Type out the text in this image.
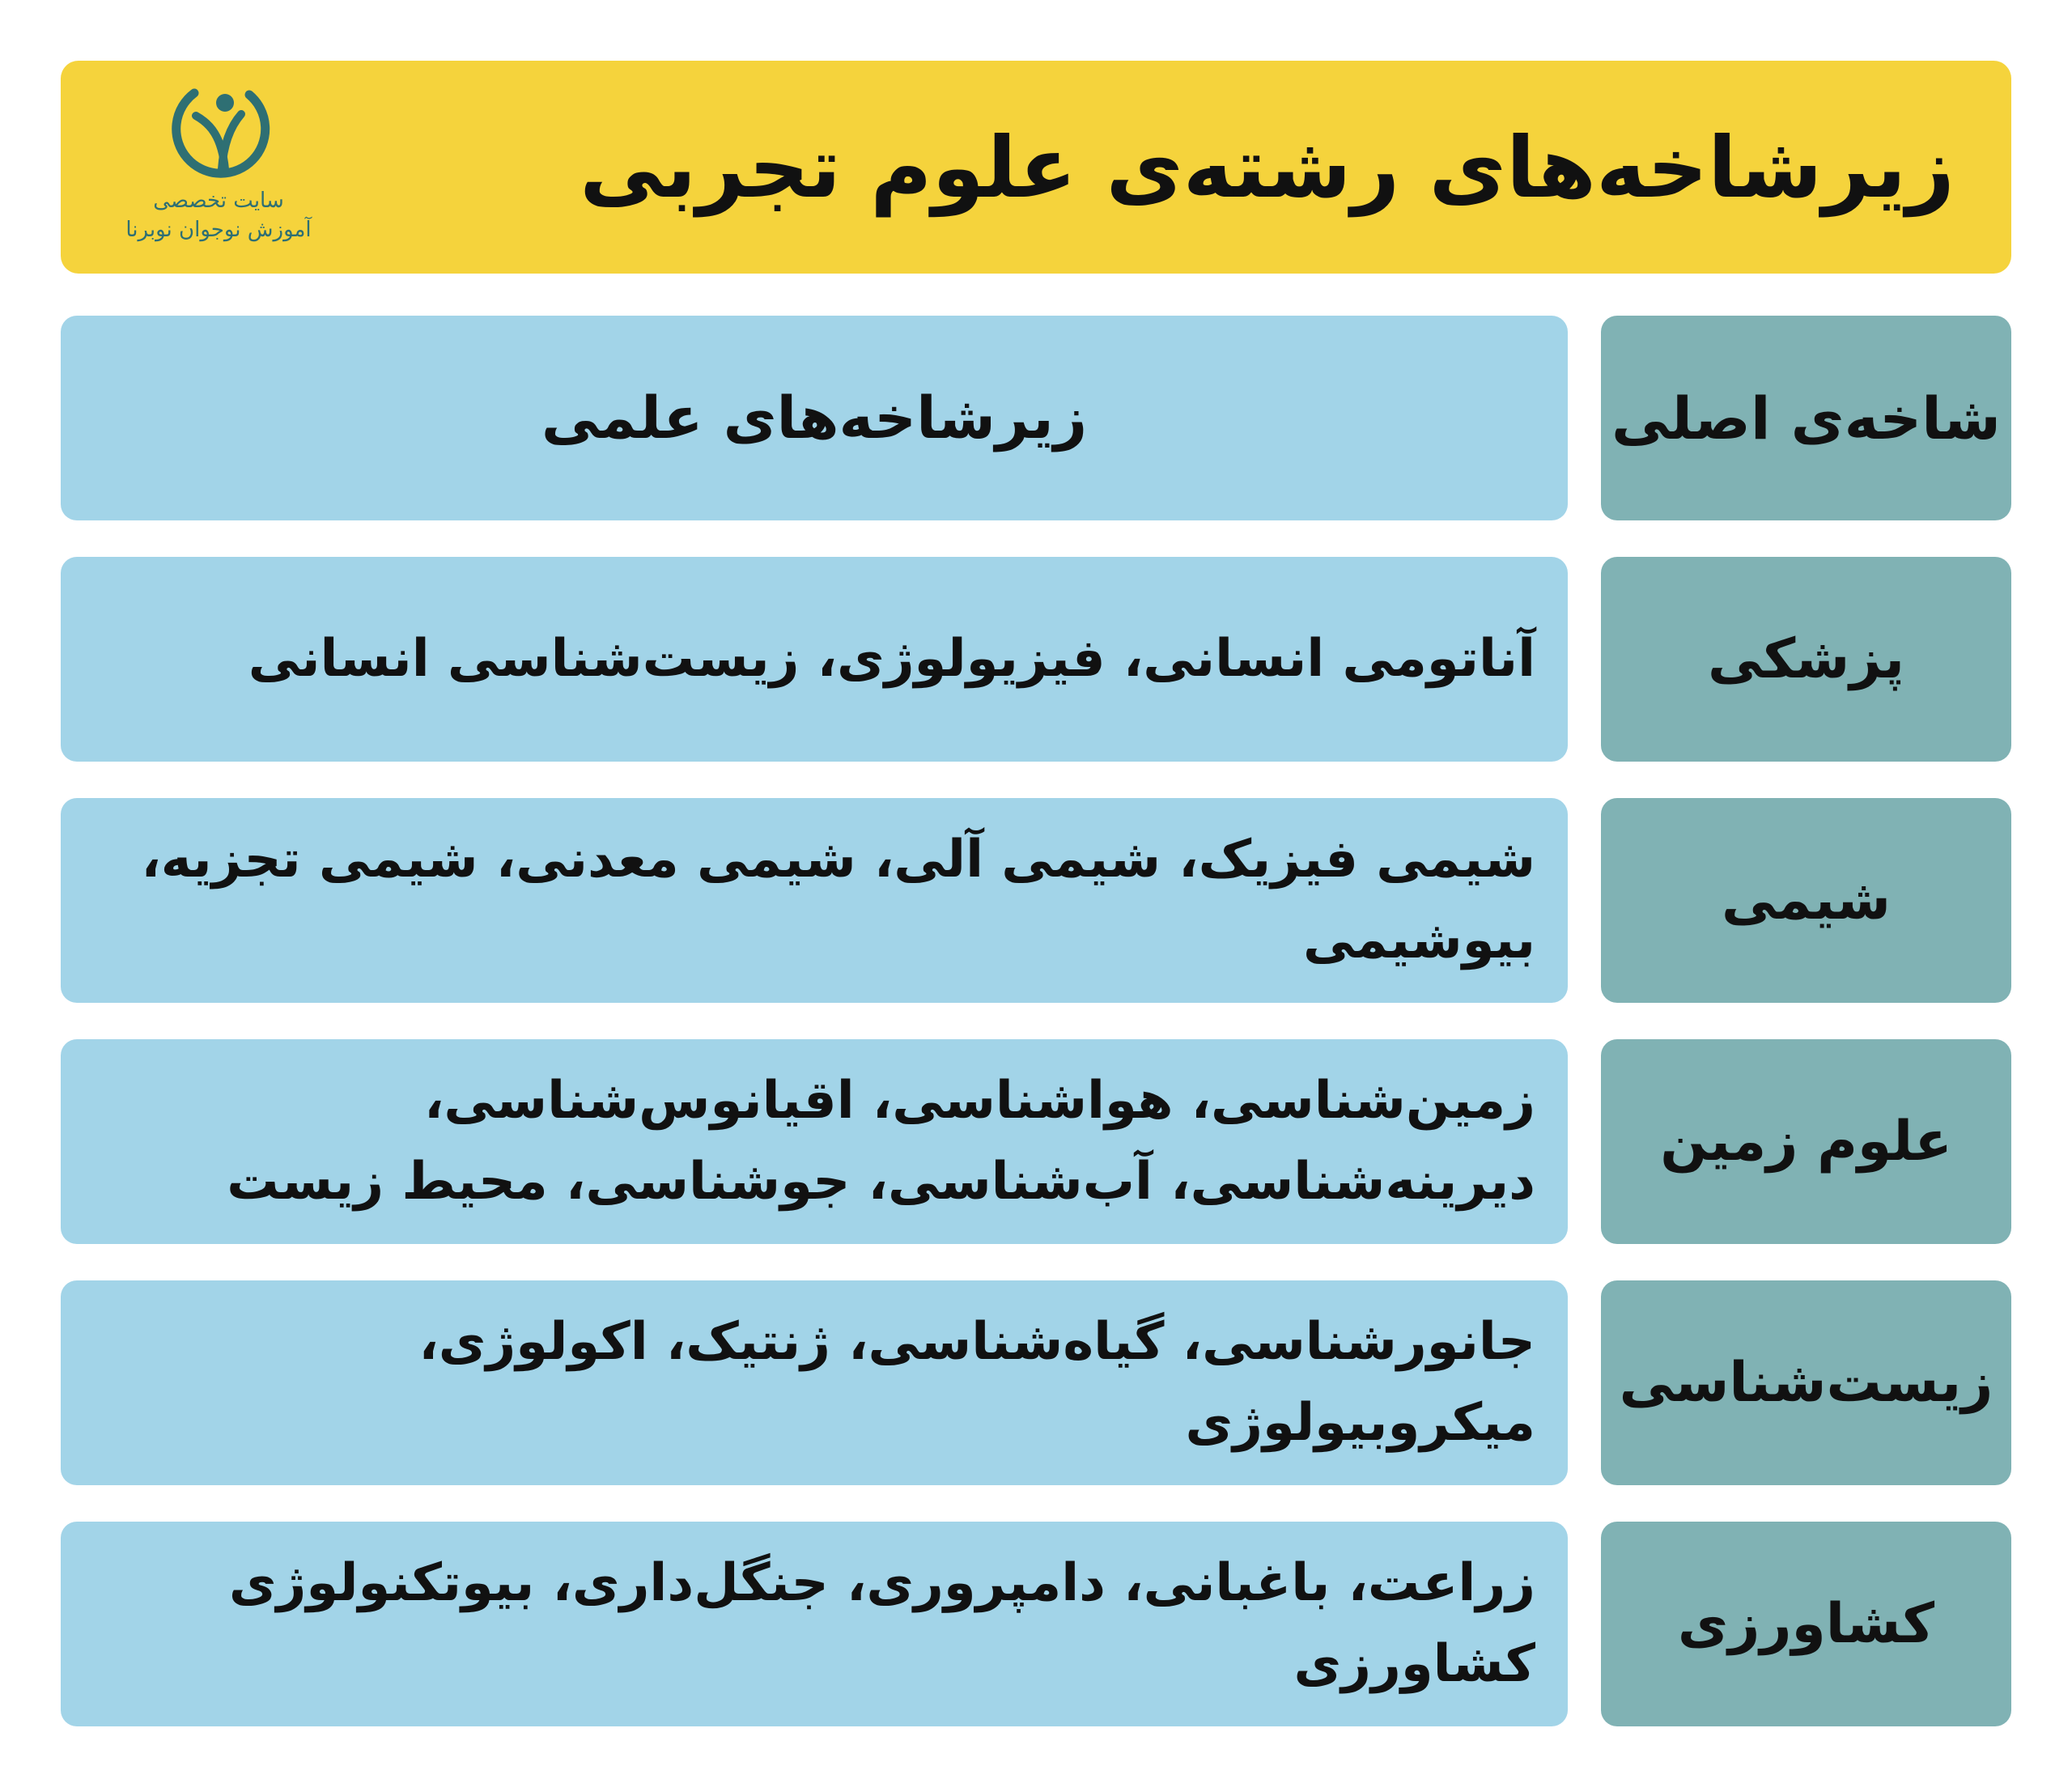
سایت تخصصی
آموزش نوجوان نوبرنا
زیرشاخه‌های رشته‌ی علوم تجربی
زیرشاخه‌های علمی	شاخه‌ی اصلی
آناتومی انسانی، فیزیولوژی، زیست‌شناسی انسانی	پزشکی
شیمی فیزیک، شیمی آلی، شیمی معدنی، شیمی تجزیه، بیوشیمی
شیمی
زمین‌شناسی، هواشناسی، اقیانوس‌شناسی، دیرینه‌شناسی، آب‌شناسی، جوشناسی، محیط زیست
علوم زمین
جانورشناسی، گیاه‌شناسی، ژنتیک، اکولوژی، میکروبیولوژی
زیست‌شناسی
زراعت، باغبانی، دامپروری، جنگل‌داری، بیوتکنولوژی کشاورزی
کشاورزی
